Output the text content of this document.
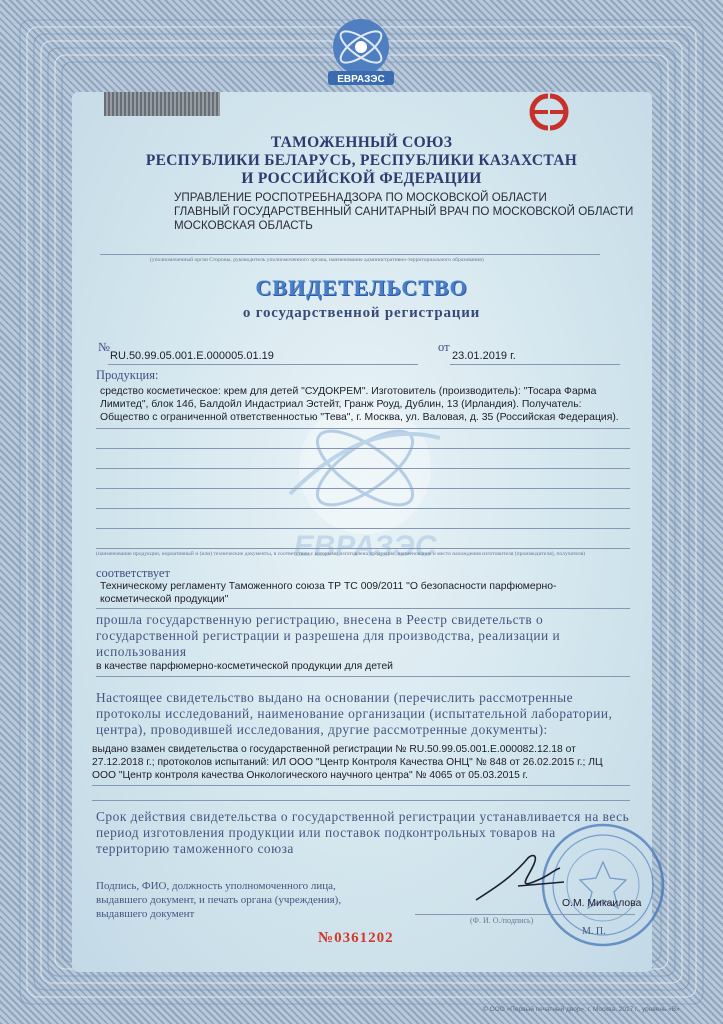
ЕВРАЗЭС
ЕВРАЗЭС
ТАМОЖЕННЫЙ СОЮЗ
РЕСПУБЛИКИ БЕЛАРУСЬ, РЕСПУБЛИКИ КАЗАХСТАН
И РОССИЙСКОЙ ФЕДЕРАЦИИ
УПРАВЛЕНИЕ РОСПОТРЕБНАДЗОРА ПО МОСКОВСКОЙ ОБЛАСТИ
ГЛАВНЫЙ ГОСУДАРСТВЕННЫЙ САНИТАРНЫЙ ВРАЧ ПО МОСКОВСКОЙ ОБЛАСТИ
МОСКОВСКАЯ ОБЛАСТЬ
(уполномоченный орган Стороны, руководитель уполномоченного органа, наименование административно-территориального образования)
СВИДЕТЕЛЬСТВО
о государственной регистрации
№
RU.50.99.05.001.Е.000005.01.19
от
23.01.2019 г.
Продукция:
средство косметическое: крем для детей "СУДОКРЕМ". Изготовитель (производитель): "Тосара Фарма
Лимитед", блок 14б, Балдойл Индастриал Эстейт, Гранж Роуд, Дублин, 13 (Ирландия). Получатель:
Общество с ограниченной ответственностью "Тева", г. Москва, ул. Валовая, д. 35 (Российская Федерация).
(наименование продукции, нормативный и (или) технические документы, в соответствии с которыми изготовлена продукция, наименование и место нахождения изготовителя (производителя), получателя)
соответствует
Техническому регламенту Таможенного союза ТР ТС 009/2011 "О безопасности парфюмерно-
косметической продукции"
прошла государственную регистрацию, внесена в Реестр свидетельств о
государственной регистрации и разрешена для производства, реализации и
использования
в качестве парфюмерно-косметической продукции для детей
Настоящее свидетельство выдано на основании (перечислить рассмотренные
протоколы исследований, наименование организации (испытательной лаборатории,
центра), проводившей исследования, другие рассмотренные документы):
выдано взамен свидетельства о государственной регистрации № RU.50.99.05.001.Е.000082.12.18 от
27.12.2018 г.; протоколов испытаний: ИЛ ООО "Центр Контроля Качества ОНЦ" № 848 от 26.02.2015 г.; ЛЦ
ООО "Центр контроля качества Онкологического научного центра" № 4065 от 05.03.2015 г.
Срок действия свидетельства о государственной регистрации устанавливается на весь
период изготовления продукции или поставок подконтрольных товаров на
территорию таможенного союза
Подпись, ФИО, должность уполномоченного лица,
выдавшего документ, и печать органа (учреждения),
выдавшего документ
О.М. Микаилова
(Ф. И. О./подпись)
М. П.
№0361202
© ООО «Первый печатный двор», г. Москва, 2017 г., уровень «В»
